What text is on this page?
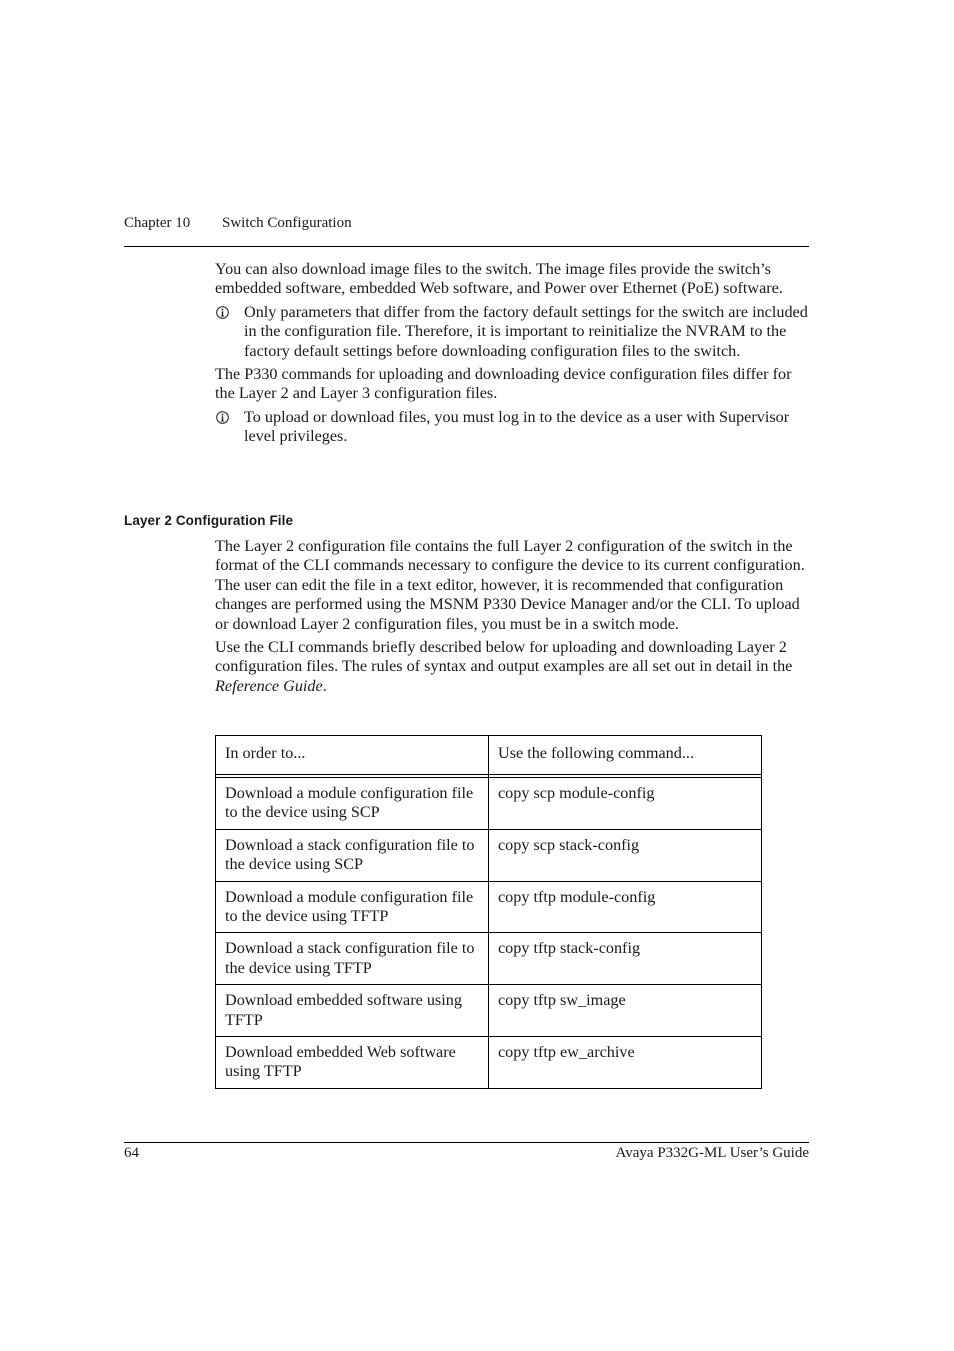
Chapter 10 Switch Configuration

You can also download image files to the switch. The image files provide the switch’s embedded software, embedded Web software, and Power over Ethernet (PoE) software.

Only parameters that differ from the factory default settings for the switch are included in the configuration file. Therefore, it is important to reinitialize the NVRAM to the factory default settings before downloading configuration files to the switch.

The P330 commands for uploading and downloading device configuration files differ for the Layer 2 and Layer 3 configuration files.

To upload or download files, you must log in to the device as a user with Supervisor level privileges.
Layer 2 Configuration File

The Layer 2 configuration file contains the full Layer 2 configuration of the switch in the format of the CLI commands necessary to configure the device to its current configuration. The user can edit the file in a text editor, however, it is recommended that configuration changes are performed using the MSNM P330 Device Manager and/or the CLI. To upload or download Layer 2 configuration files, you must be in a switch mode.

Use the CLI commands briefly described below for uploading and downloading Layer 2 configuration files. The rules of syntax and output examples are all set out in detail in the Reference Guide.

In order to...	Use the following command...

Download a module configuration file to the device using SCP	copy scp module-config
Download a stack configuration file to the device using SCP	copy scp stack-config
Download a module configuration file to the device using TFTP	copy tftp module-config
Download a stack configuration file to the device using TFTP	copy tftp stack-config
Download embedded software using TFTP	copy tftp sw_image
Download embedded Web software using TFTP	copy tftp ew_archive
64	Avaya P332G-ML User’s Guide
